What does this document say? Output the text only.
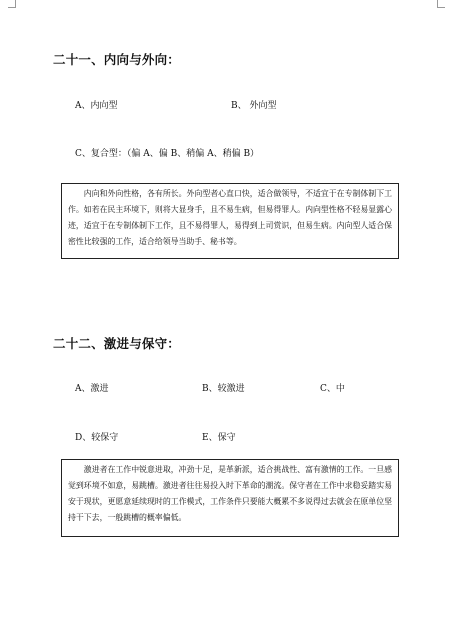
二十一、内向与外向：
A、内向型	B、 外向型
C、复合型：（偏 A、偏 B、稍偏 A、稍偏 B）

内向和外向性格，各有所长。外向型者心直口快，适合做领导，不适宜于在专制体制下工作。如若在民主环境下，则将大显身手，且不易生病，但易得罪人。内向型性格不轻易显露心迹，适宜于在专制体制下工作，且不易得罪人，易得到上司赏识，但易生病。内向型人适合保密性比较强的工作，适合给领导当助手、秘书等。

二十二、激进与保守：
A、激进	B、较激进	C、中
D、较保守	E、保守

激进者在工作中锐意进取，冲劲十足，是革新派，适合挑战性、富有激情的工作。一旦感觉到环境不如意，易跳槽。激进者往往易投入时下革命的潮流。保守者在工作中求稳妥踏实易安于现状，更愿意延续现时的工作模式，工作条件只要能大概累不多说得过去就会在原单位坚持干下去，一般跳槽的概率偏低。
